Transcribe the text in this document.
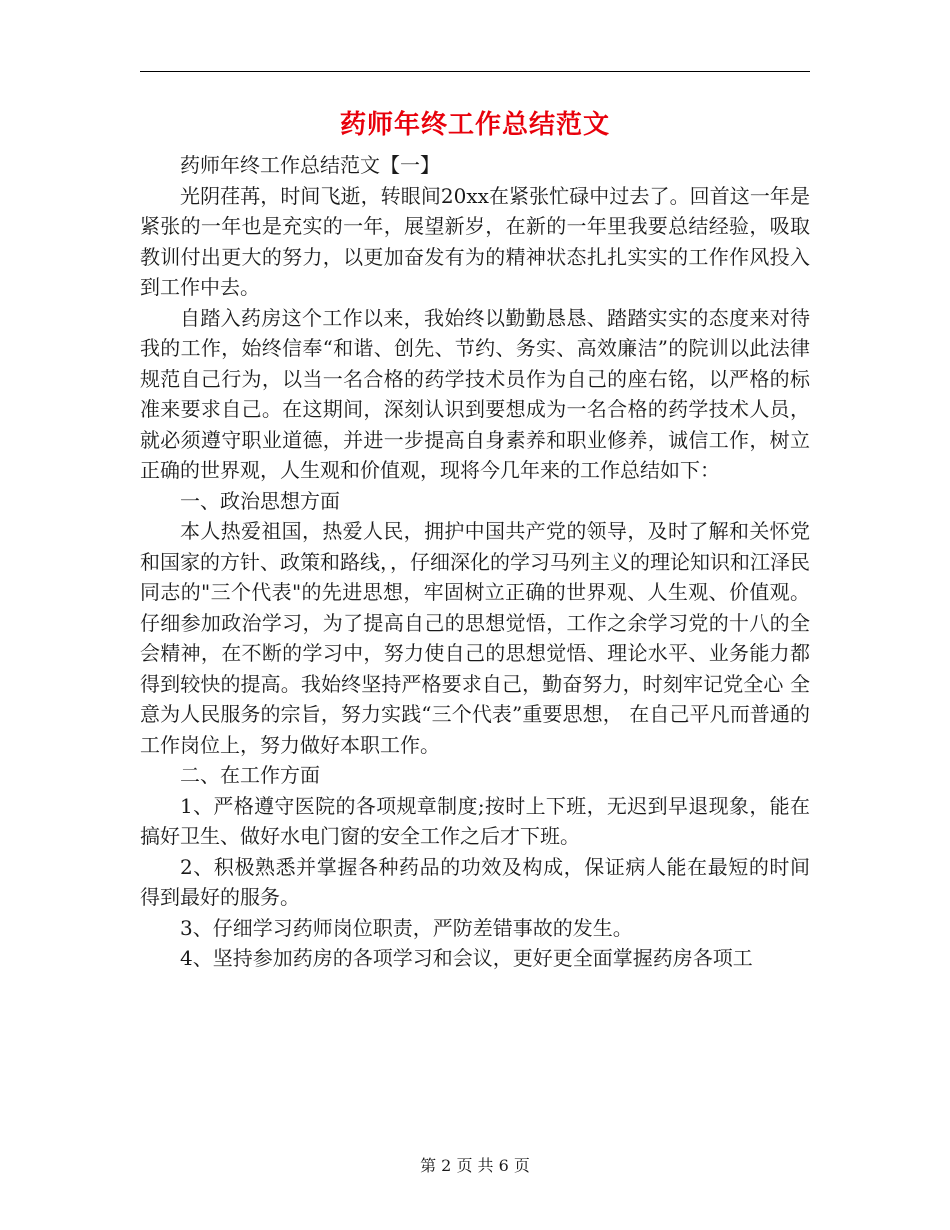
药师年终工作总结范文

药师年终工作总结范文【一】

光阴荏苒，时间飞逝，转眼间20xx在紧张忙碌中过去了。回首这一年是紧张的一年也是充实的一年，展望新岁，在新的一年里我要总结经验，吸取教训付出更大的努力，以更加奋发有为的精神状态扎扎实实的工作作风投入到工作中去。

自踏入药房这个工作以来，我始终以勤勤恳恳、踏踏实实的态度来对待我的工作，始终信奉“和谐、创先、节约、务实、高效廉洁”的院训以此法律规范自己行为，以当一名合格的药学技术员作为自己的座右铭，以严格的标准来要求自己。在这期间，深刻认识到要想成为一名合格的药学技术人员，就必须遵守职业道德，并进一步提高自身素养和职业修养，诚信工作，树立正确的世界观，人生观和价值观，现将今几年来的工作总结如下：

一、政治思想方面

本人热爱祖国，热爱人民，拥护中国共产党的领导，及时了解和关怀党和国家的方针、政策和路线，，仔细深化的学习马列主义的理论知识和江泽民同志的"三个代表"的先进思想，牢固树立正确的世界观、人生观、价值观。仔细参加政治学习，为了提高自己的思想觉悟，工作之余学习党的十八的全会精神，在不断的学习中，努力使自己的思想觉悟、理论水平、业务能力都得到较快的提高。我始终坚持严格要求自己，勤奋努力，时刻牢记党全心 全意为人民服务的宗旨，努力实践“三个代表”重要思想， 在自己平凡而普通的工作岗位上，努力做好本职工作。

二、在工作方面

1、严格遵守医院的各项规章制度;按时上下班，无迟到早退现象，能在搞好卫生、做好水电门窗的安全工作之后才下班。

2、积极熟悉并掌握各种药品的功效及构成，保证病人能在最短的时间得到最好的服务。

3、仔细学习药师岗位职责，严防差错事故的发生。

4、坚持参加药房的各项学习和会议，更好更全面掌握药房各项工

第 2 页 共 6 页
